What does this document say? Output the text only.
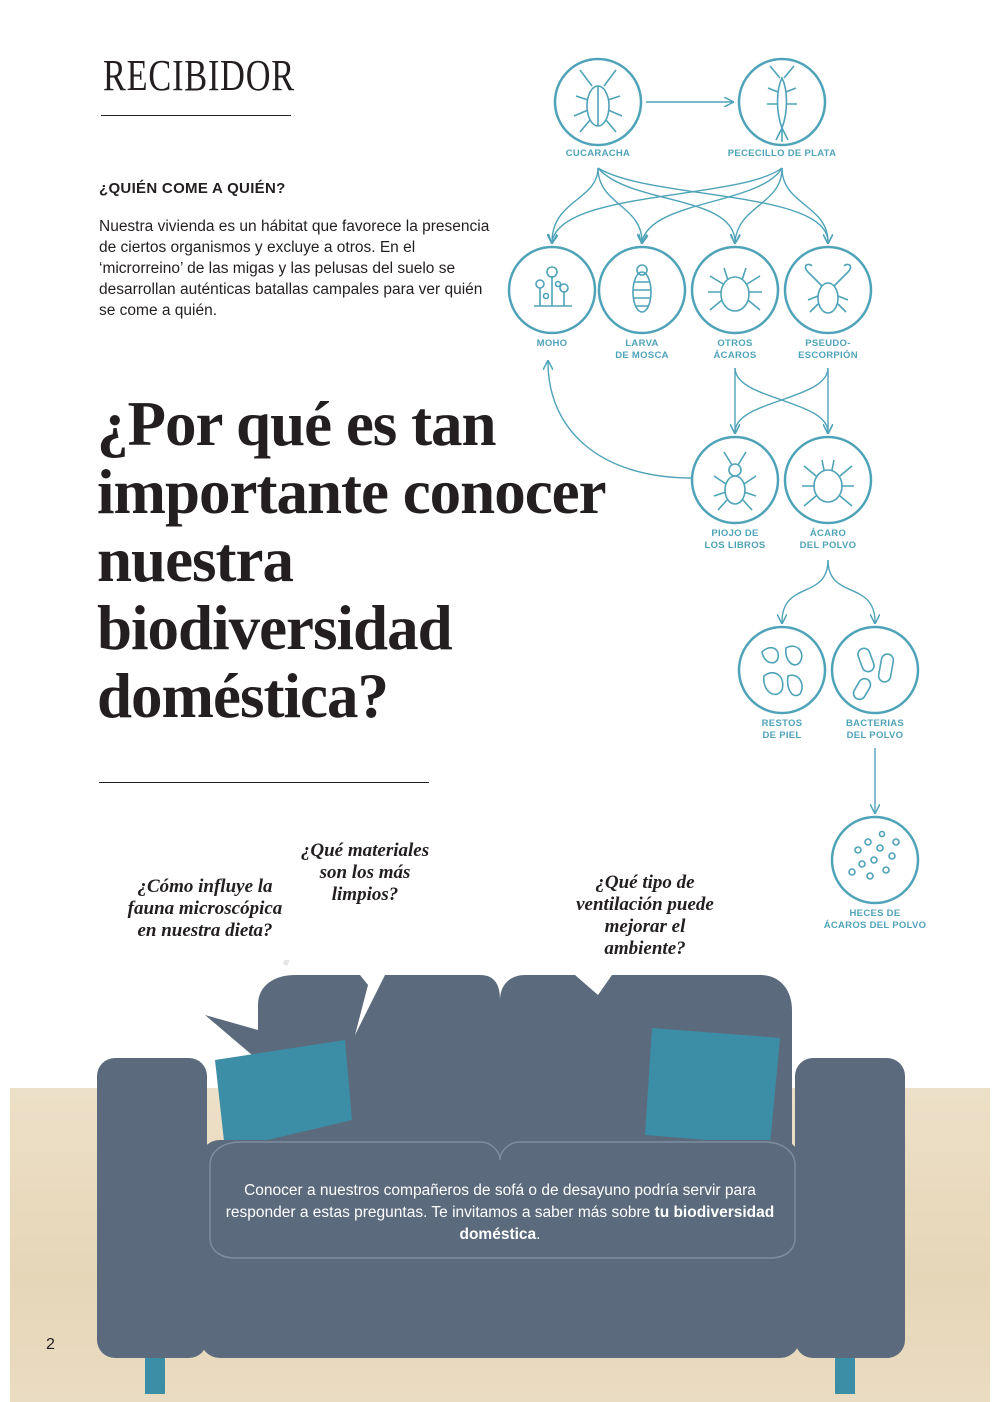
RECIBIDOR
¿QUIÉN COME A QUIÉN?
Nuestra vivienda es un hábitat que favorece la presencia de ciertos organismos y excluye a otros. En el ‘microrreino’ de las migas y las pelusas del suelo se desarrollan auténticas batallas campales para ver quién se come a quién.
¿Por qué es tan importante conocer nuestra biodiversidad doméstica?
CUCARACHA	PECECILLO DE PLATA
MOHO	LARVA
DE MOSCA
OTROS
ÁCAROS
PSEUDO-
ESCORPIÓN
PIOJO DE
LOS LIBROS
ÁCARO
DEL POLVO
RESTOS
DE PIEL
BACTERIAS
DEL POLVO
HECES DE
ÁCAROS DEL POLVO
¿Cómo influye la fauna microscópica en nuestra dieta?
¿Qué materiales son los más limpios?
¿Qué tipo de ventilación puede mejorar el ambiente?
Conocer a nuestros compañeros de sofá o de desayuno podría servir para responder a estas preguntas. Te invitamos a saber más sobre tu biodiversidad doméstica.
2
